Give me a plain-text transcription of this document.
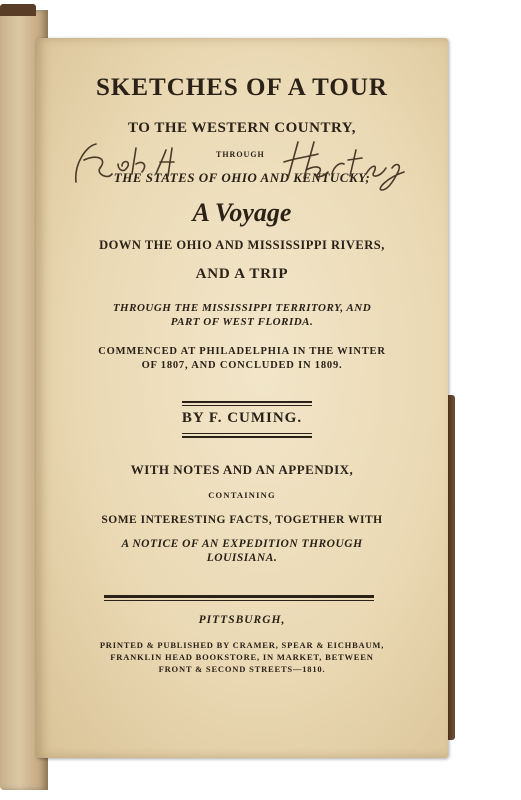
SKETCHES OF A TOUR
TO THE WESTERN COUNTRY,
THROUGH
THE STATES OF OHIO AND KENTUCKY;
A Voyage
DOWN THE OHIO AND MISSISSIPPI RIVERS,
AND A TRIP
THROUGH THE MISSISSIPPI TERRITORY, AND
PART OF WEST FLORIDA.
COMMENCED AT PHILADELPHIA IN THE WINTER
OF 1807, AND CONCLUDED IN 1809.
BY F. CUMING.
WITH NOTES AND AN APPENDIX,
CONTAINING
SOME INTERESTING FACTS, TOGETHER WITH
A NOTICE OF AN EXPEDITION THROUGH
LOUISIANA.
PITTSBURGH,
PRINTED & PUBLISHED BY CRAMER, SPEAR & EICHBAUM,
FRANKLIN HEAD BOOKSTORE, IN MARKET, BETWEEN
FRONT & SECOND STREETS—1810.
